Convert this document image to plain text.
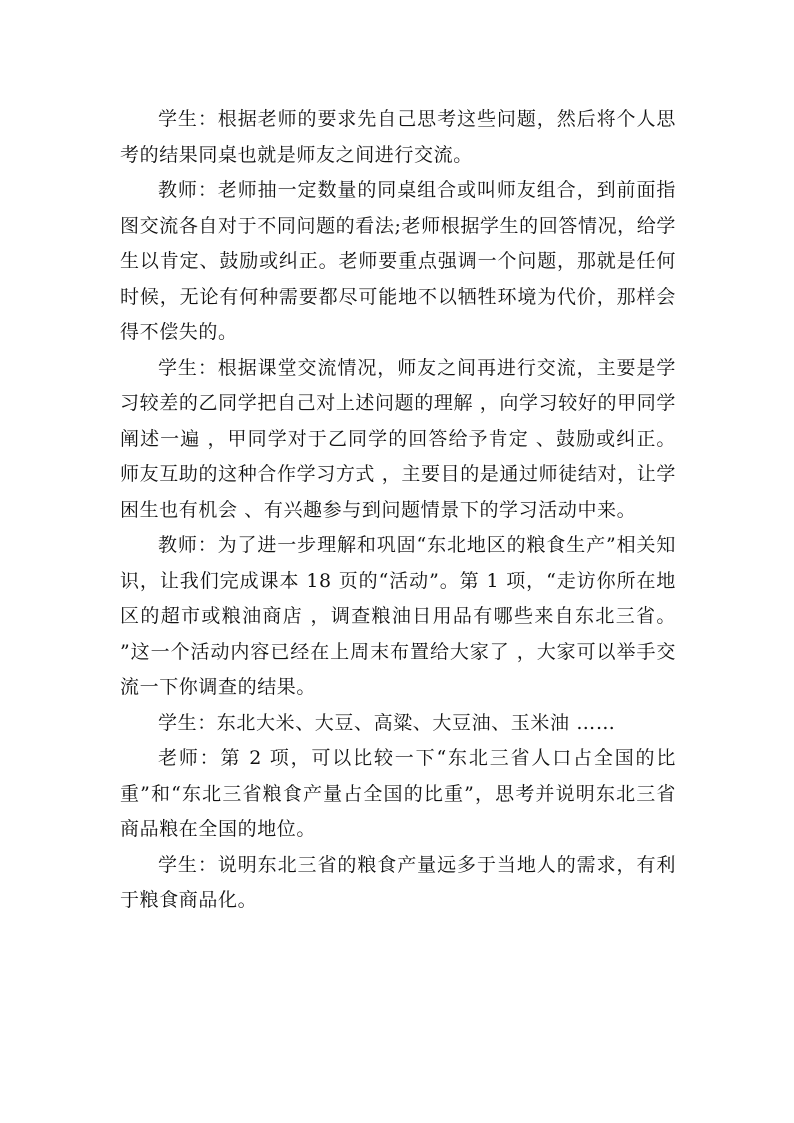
学生：根据老师的要求先自己思考这些问题，然后将个人思考的结果同桌也就是师友之间进行交流。

教师：老师抽一定数量的同桌组合或叫师友组合，到前面指图交流各自对于不同问题的看法;老师根据学生的回答情况，给学生以肯定、鼓励或纠正。老师要重点强调一个问题，那就是任何时候，无论有何种需要都尽可能地不以牺牲环境为代价，那样会得不偿失的。

学生：根据课堂交流情况，师友之间再进行交流，主要是学习较差的乙同学把自己对上述问题的理解 ，向学习较好的甲同学阐述一遍 ，甲同学对于乙同学的回答给予肯定 、鼓励或纠正。师友互助的这种合作学习方式 ，主要目的是通过师徒结对，让学困生也有机会 、有兴趣参与到问题情景下的学习活动中来。

教师：为了进一步理解和巩固“东北地区的粮食生产”相关知识，让我们完成课本 18 页的“活动”。第 1 项，“走访你所在地区的超市或粮油商店 ，调查粮油日用品有哪些来自东北三省。 ”这一个活动内容已经在上周末布置给大家了 ，大家可以举手交流一下你调查的结果。

学生：东北大米、大豆、高粱、大豆油、玉米油 ……

老师：第 2 项，可以比较一下“东北三省人口占全国的比重”和“东北三省粮食产量占全国的比重”，思考并说明东北三省商品粮在全国的地位。

学生：说明东北三省的粮食产量远多于当地人的需求，有利于粮食商品化。
